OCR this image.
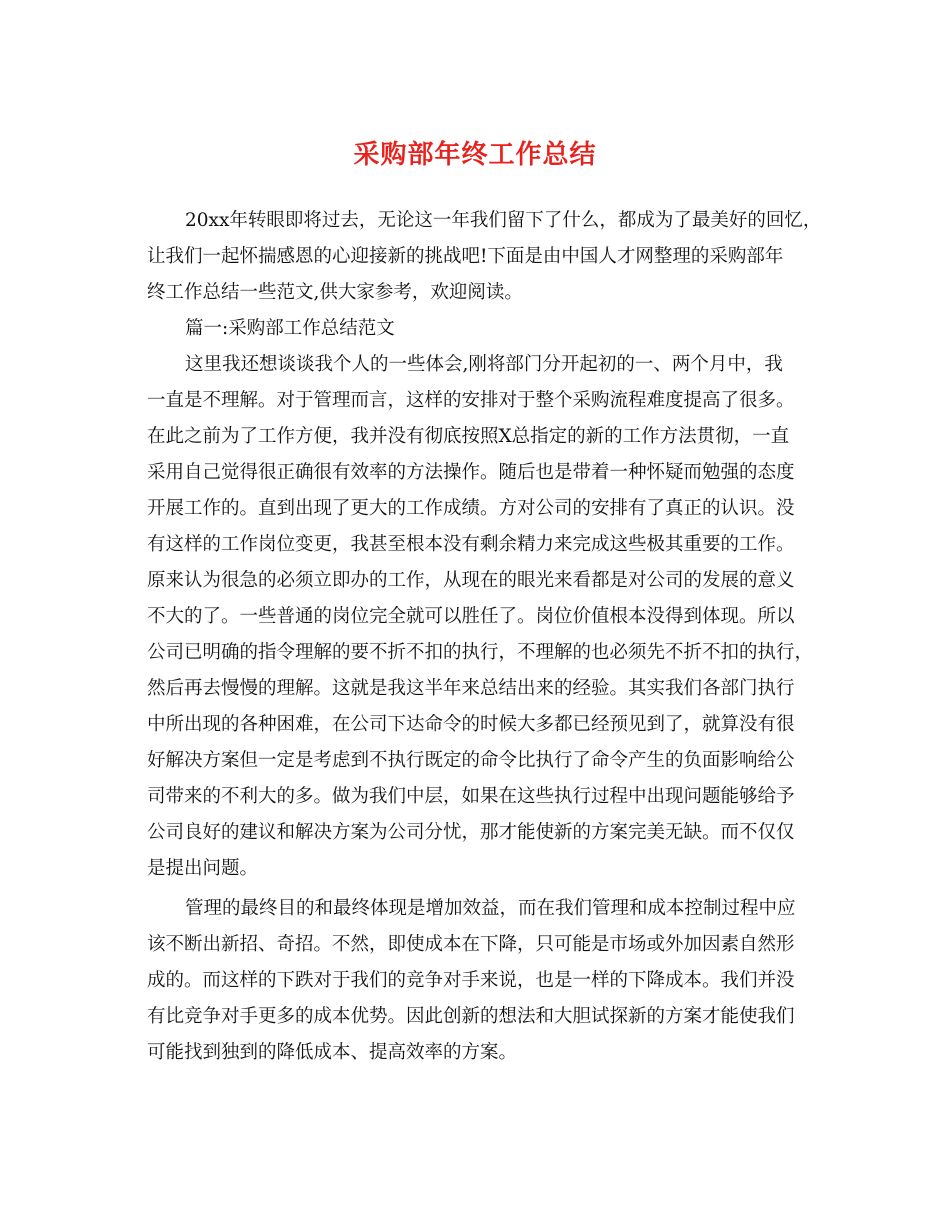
采购部年终工作总结
20xx年转眼即将过去，无论这一年我们留下了什么，都成为了最美好的回忆，
让我们一起怀揣感恩的心迎接新的挑战吧!下面是由中国人才网整理的采购部年
终工作总结一些范文,供大家参考，欢迎阅读。
篇一:采购部工作总结范文
这里我还想谈谈我个人的一些体会,刚将部门分开起初的一、两个月中，我
一直是不理解。对于管理而言，这样的安排对于整个采购流程难度提高了很多。
在此之前为了工作方便，我并没有彻底按照X总指定的新的工作方法贯彻，一直
采用自己觉得很正确很有效率的方法操作。随后也是带着一种怀疑而勉强的态度
开展工作的。直到出现了更大的工作成绩。方对公司的安排有了真正的认识。没
有这样的工作岗位变更，我甚至根本没有剩余精力来完成这些极其重要的工作。
原来认为很急的必须立即办的工作，从现在的眼光来看都是对公司的发展的意义
不大的了。一些普通的岗位完全就可以胜任了。岗位价值根本没得到体现。所以
公司已明确的指令理解的要不折不扣的执行，不理解的也必须先不折不扣的执行，
然后再去慢慢的理解。这就是我这半年来总结出来的经验。其实我们各部门执行
中所出现的各种困难，在公司下达命令的时候大多都已经预见到了，就算没有很
好解决方案但一定是考虑到不执行既定的命令比执行了命令产生的负面影响给公
司带来的不利大的多。做为我们中层，如果在这些执行过程中出现问题能够给予
公司良好的建议和解决方案为公司分忧，那才能使新的方案完美无缺。而不仅仅
是提出问题。
管理的最终目的和最终体现是增加效益，而在我们管理和成本控制过程中应
该不断出新招、奇招。不然，即使成本在下降，只可能是市场或外加因素自然形
成的。而这样的下跌对于我们的竞争对手来说，也是一样的下降成本。我们并没
有比竞争对手更多的成本优势。因此创新的想法和大胆试探新的方案才能使我们
可能找到独到的降低成本、提高效率的方案。
